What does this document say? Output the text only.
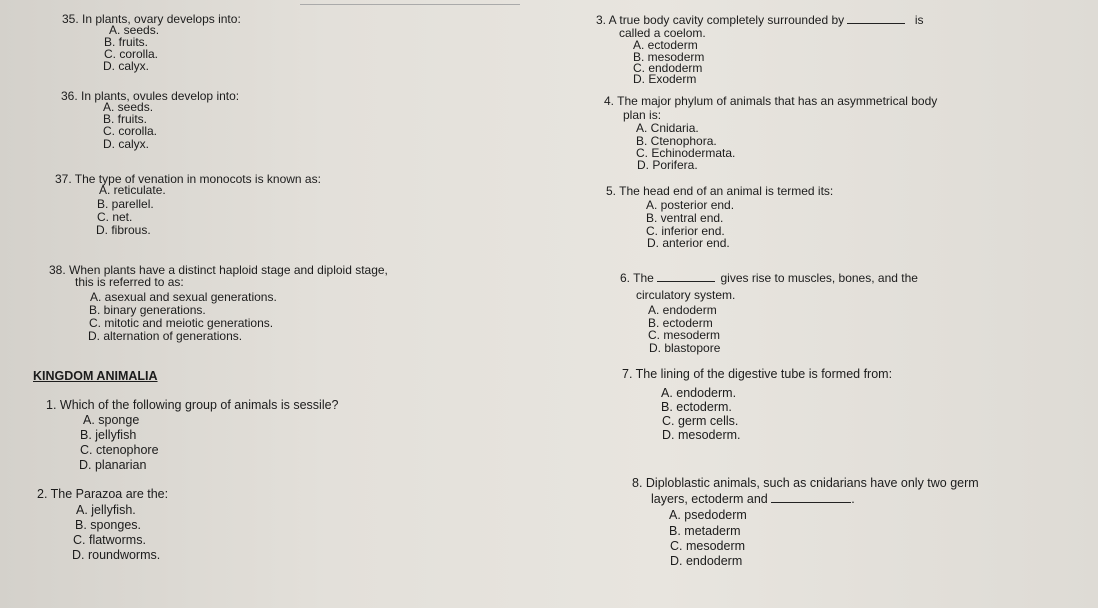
35. In plants, ovary develops into:
A. seeds.
B. fruits.
C. corolla.
D. calyx.
36. In plants, ovules develop into:
A. seeds.
B. fruits.
C. corolla.
D. calyx.
37. The type of venation in monocots is known as:
A. reticulate.
B. parellel.
C. net.
D. fibrous.
38. When plants have a distinct haploid stage and diploid stage,
this is referred to as:
A. asexual and sexual generations.
B. binary generations.
C. mitotic and meiotic generations.
D. alternation of generations.
KINGDOM ANIMALIA
1. Which of the following group of animals is sessile?
A. sponge
B. jellyfish
C. ctenophore
D. planarian
2. The Parazoa are the:
A. jellyfish.
B. sponges.
C. flatworms.
D. roundworms.
3. A true body cavity completely surrounded by	is
called a coelom.
A. ectoderm
B. mesoderm
C. endoderm
D. Exoderm
4. The major phylum of animals that has an asymmetrical body
plan is:
A. Cnidaria.
B. Ctenophora.
C. Echinodermata.
D. Porifera.
5. The head end of an animal is termed its:
A. posterior end.
B. ventral end.
C. inferior end.
D. anterior end.
6. The	gives rise to muscles, bones, and the
circulatory system.
A. endoderm
B. ectoderm
C. mesoderm
D. blastopore
7. The lining of the digestive tube is formed from:
A. endoderm.
B. ectoderm.
C. germ cells.
D. mesoderm.
8. Diploblastic animals, such as cnidarians have only two germ
layers, ectoderm and	.
A. psedoderm
B. metaderm
C. mesoderm
D. endoderm
